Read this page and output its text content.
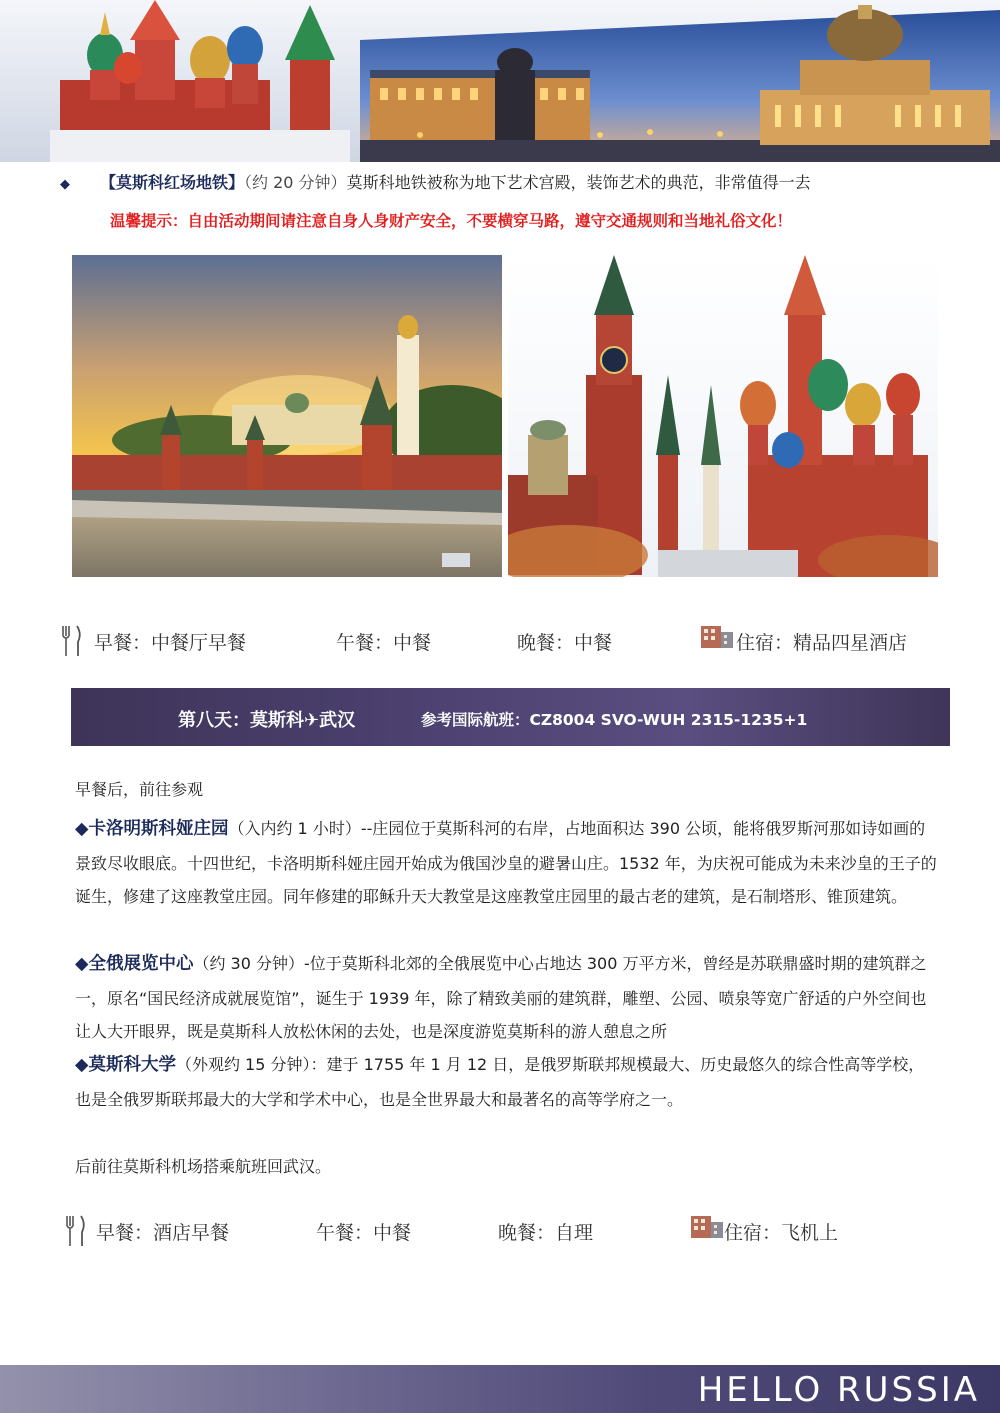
◆ 【莫斯科红场地铁】（约 20 分钟）莫斯科地铁被称为地下艺术宫殿，装饰艺术的典范，非常值得一去
温馨提示：自由活动期间请注意自身人身财产安全，不要横穿马路，遵守交通规则和当地礼俗文化！
早餐：中餐厅早餐	午餐：中餐	晚餐：中餐	住宿：精品四星酒店
第八天：莫斯科✈武汉	参考国际航班：CZ8004 SVO-WUH 2315-1235+1
早餐后，前往参观
◆卡洛明斯科娅庄园（入内约 1 小时）--庄园位于莫斯科河的右岸，占地面积达 390 公顷，能将俄罗斯河那如诗如画的景致尽收眼底。十四世纪，卡洛明斯科娅庄园开始成为俄国沙皇的避暑山庄。1532 年，为庆祝可能成为未来沙皇的王子的诞生，修建了这座教堂庄园。同年修建的耶稣升天大教堂是这座教堂庄园里的最古老的建筑，是石制塔形、锥顶建筑。
◆全俄展览中心（约 30 分钟）-位于莫斯科北郊的全俄展览中心占地达 300 万平方米，曾经是苏联鼎盛时期的建筑群之一，原名“国民经济成就展览馆”，诞生于 1939 年，除了精致美丽的建筑群，雕塑、公园、喷泉等宽广舒适的户外空间也让人大开眼界，既是莫斯科人放松休闲的去处，也是深度游览莫斯科的游人憩息之所
◆莫斯科大学（外观约 15 分钟）：建于 1755 年 1 月 12 日，是俄罗斯联邦规模最大、历史最悠久的综合性高等学校，也是全俄罗斯联邦最大的大学和学术中心，也是全世界最大和最著名的高等学府之一。
后前往莫斯科机场搭乘航班回武汉。
早餐：酒店早餐	午餐：中餐	晚餐：自理	住宿：飞机上
HELLO RUSSIA
